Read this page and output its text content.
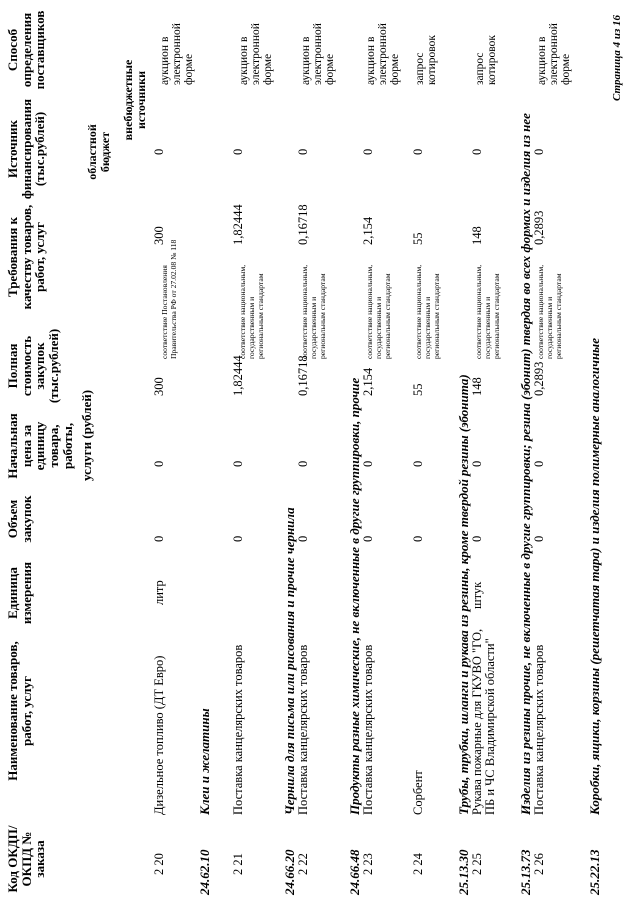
Код ОКДП/ ОКПД № заказа
Наименование товаров, работ, услуг
Единица измерения
Объем закупок
Начальная цена за единицу товара, работы, услуги (рублей)
Полная стоимость закупок (тыс.рублей)
Требования к качеству товаров, работ, услуг
Источник финансирования (тыс.рублей)	областной бюджет
внебюджетные источники
Способ определения поставщиков
2 20
Дизельное топливо (ДТ Евро)
литр
0
0
300
соответствие Постановления Правительства РФ от 27.02.08 № 118
300
0
аукцион в электронной форме
24.62.10
Клеи и желатины
2 21
Поставка канцелярских товаров
0
0
1,82444
соответствие национальным, государственным и региональным стандартам
1,82444
0
аукцион в электронной форме
24.66.20
Чернила для письма или рисования и прочие чернила
2 22
Поставка канцелярских товаров
0
0
0,16718
соответствие национальным, государственным и региональным стандартам
0,16718
0
аукцион в электронной форме
24.66.48
Продукты разные химические, не включенные в другие группировки, прочие
2 23
Поставка канцелярских товаров
0
0
2,154
соответствие национальным, государственным и региональным стандартам
2,154
0
аукцион в электронной форме
2 24
Сорбент
0
0
55
соответствие национальным, государственным и региональным стандартам
55
0
запрос котировок
25.13.30
Трубы, трубки, шланги и рукава из резины, кроме твердой резины (эбонита)
2 25
Рукава пожарные для ГКУВО "ГО, ПБ и ЧС Владимирской области"
штук
0
0
148
соответствие национальным, государственным и региональным стандартам
148
0
запрос котировок
25.13.73
Изделия из резины прочие, не включенные в другие группировки; резина (эбонит) твердая во всех формах и изделия из нее
2 26
Поставка канцелярских товаров
0
0
0,2893
соответствие национальным, государственным и региональным стандартам
0,2893
0
аукцион в электронной форме
25.22.13
Коробки, ящики, корзины (решетчатая тара) и изделия полимерные аналогичные
Страница 4 из 16
